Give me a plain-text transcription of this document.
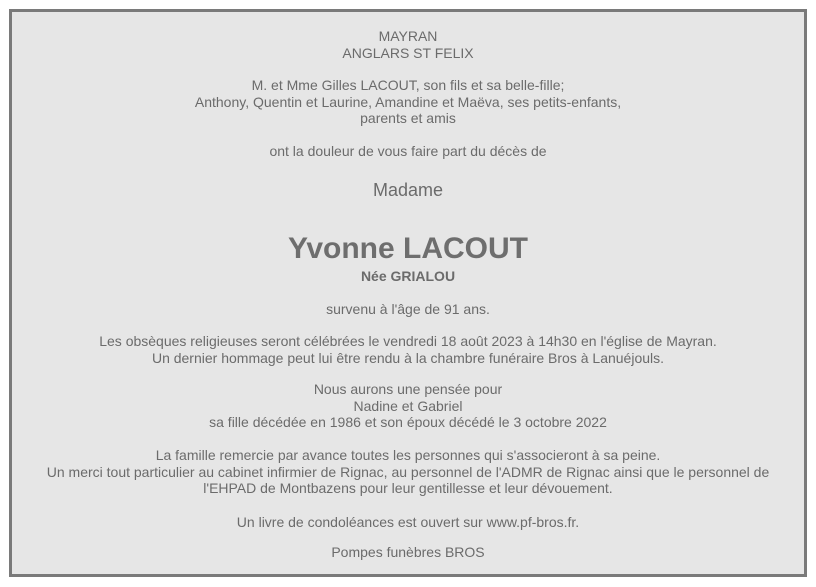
MAYRAN
ANGLARS ST FELIX
M. et Mme Gilles LACOUT, son fils et sa belle-fille;
Anthony, Quentin et Laurine, Amandine et Maëva, ses petits-enfants,
parents et amis
ont la douleur de vous faire part du décès de
Madame
Yvonne LACOUT
Née GRIALOU
survenu à l'âge de 91 ans.
Les obsèques religieuses seront célébrées le vendredi 18 août 2023 à 14h30 en l'église de Mayran.
Un dernier hommage peut lui être rendu à la chambre funéraire Bros à Lanuéjouls.
Nous aurons une pensée pour
Nadine et Gabriel
sa fille décédée en 1986 et son époux décédé le 3 octobre 2022
La famille remercie par avance toutes les personnes qui s'associeront à sa peine.
Un merci tout particulier au cabinet infirmier de Rignac, au personnel de l'ADMR de Rignac ainsi que le personnel de
l'EHPAD de Montbazens pour leur gentillesse et leur dévouement.
Un livre de condoléances est ouvert sur www.pf-bros.fr.
Pompes funèbres BROS
